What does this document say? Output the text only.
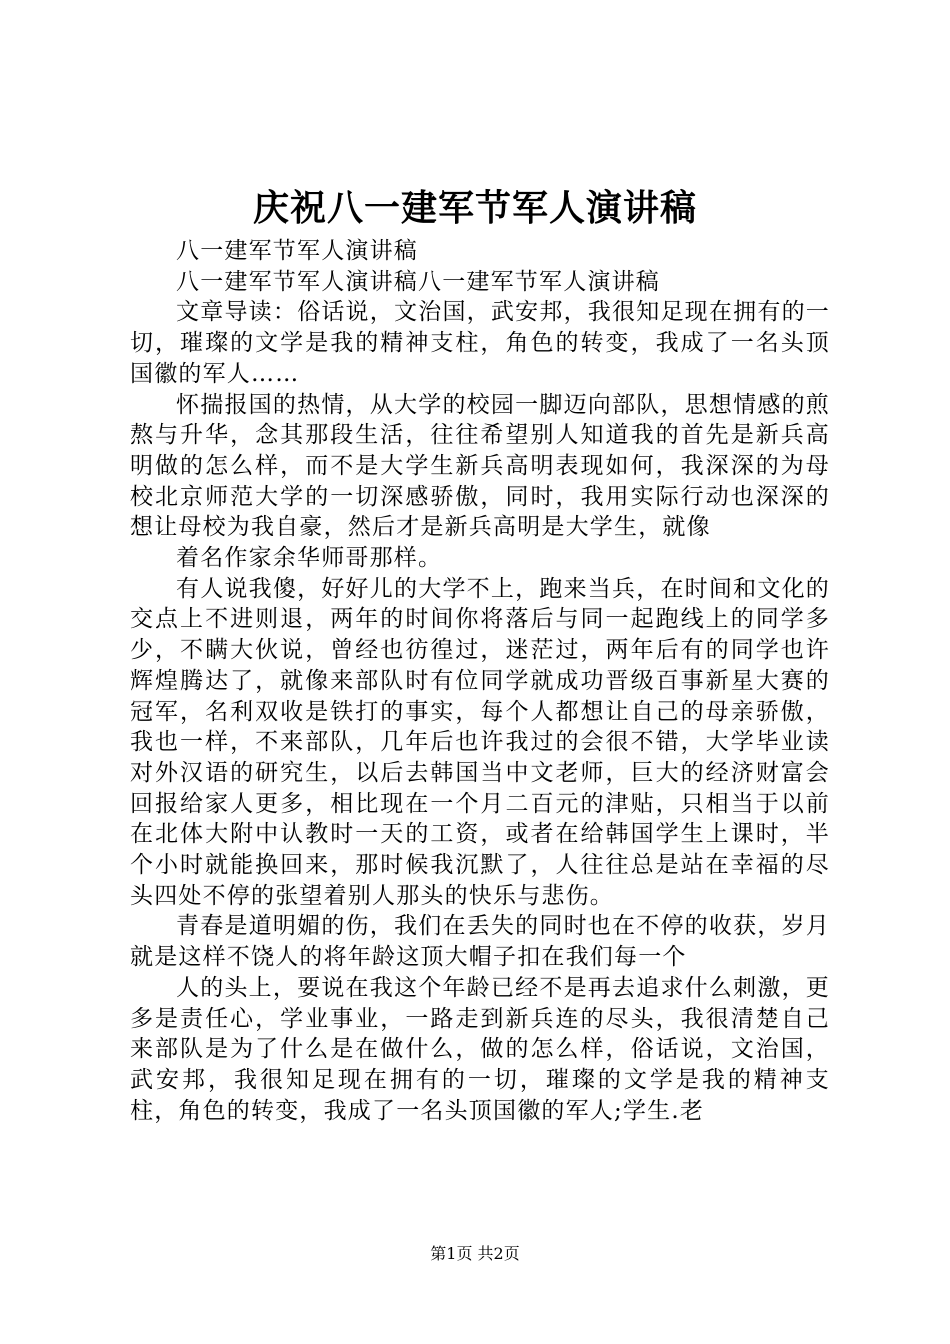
庆祝八一建军节军人演讲稿

八一建军节军人演讲稿

八一建军节军人演讲稿八一建军节军人演讲稿

文章导读：俗话说，文治国，武安邦，我很知足现在拥有的一切，璀璨的文学是我的精神支柱，角色的转变，我成了一名头顶国徽的军人……

怀揣报国的热情，从大学的校园一脚迈向部队，思想情感的煎熬与升华，念其那段生活，往往希望别人知道我的首先是新兵高明做的怎么样，而不是大学生新兵高明表现如何，我深深的为母校北京师范大学的一切深感骄傲，同时，我用实际行动也深深的想让母校为我自豪，然后才是新兵高明是大学生，就像

着名作家余华师哥那样。

有人说我傻，好好儿的大学不上，跑来当兵，在时间和文化的交点上不进则退，两年的时间你将落后与同一起跑线上的同学多少，不瞒大伙说，曾经也彷徨过，迷茫过，两年后有的同学也许辉煌腾达了，就像来部队时有位同学就成功晋级百事新星大赛的冠军，名利双收是铁打的事实，每个人都想让自己的母亲骄傲，我也一样，不来部队，几年后也许我过的会很不错，大学毕业读对外汉语的研究生，以后去韩国当中文老师，巨大的经济财富会回报给家人更多，相比现在一个月二百元的津贴，只相当于以前在北体大附中认教时一天的工资，或者在给韩国学生上课时，半个小时就能换回来，那时候我沉默了，人往往总是站在幸福的尽头四处不停的张望着别人那头的快乐与悲伤。

青春是道明媚的伤，我们在丢失的同时也在不停的收获，岁月就是这样不饶人的将年龄这顶大帽子扣在我们每一个

人的头上，要说在我这个年龄已经不是再去追求什么刺激，更多是责任心，学业事业，一路走到新兵连的尽头，我很清楚自己来部队是为了什么是在做什么，做的怎么样，俗话说，文治国，武安邦，我很知足现在拥有的一切，璀璨的文学是我的精神支柱，角色的转变，我成了一名头顶国徽的军人;学生.老

第1页 共2页
